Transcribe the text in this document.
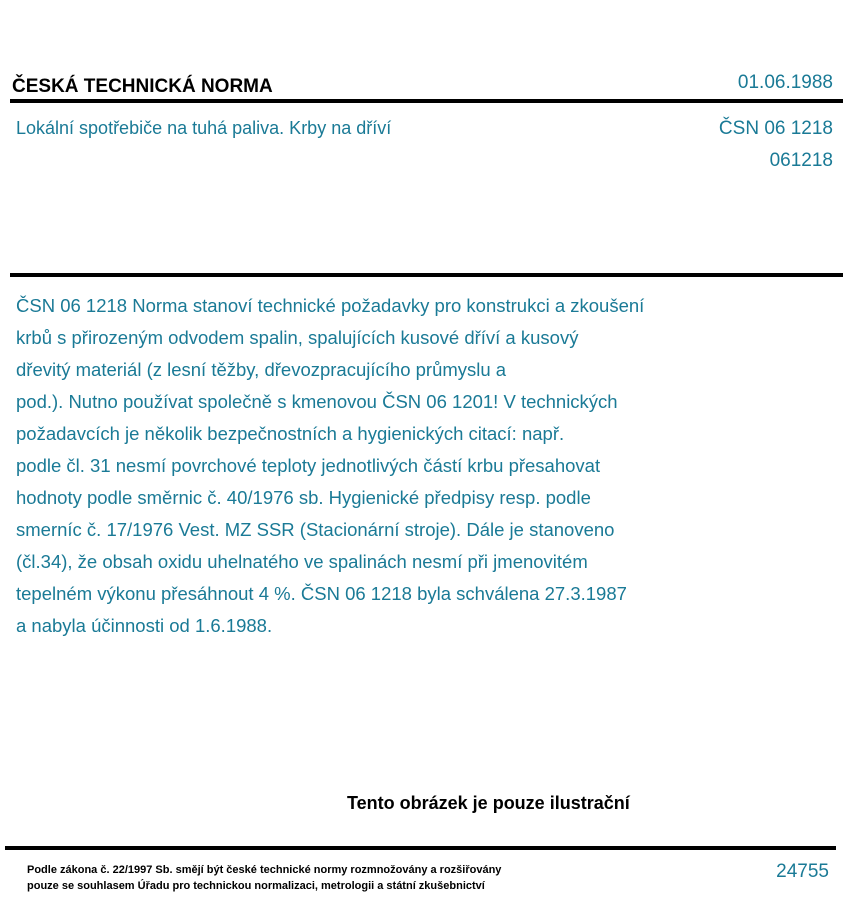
ČESKÁ TECHNICKÁ NORMA	01.06.1988
Lokální spotřebiče na tuhá paliva. Krby na dříví	ČSN 06 1218
061218
ČSN 06 1218 Norma stanoví technické požadavky pro konstrukci a zkoušení
krbů s přirozeným odvodem spalin, spalujících kusové dříví a kusový
dřevitý materiál (z lesní těžby, dřevozpracujícího průmyslu a
pod.). Nutno používat společně s kmenovou ČSN 06 1201! V technických
požadavcích je několik bezpečnostních a hygienických citací: např.
podle čl. 31 nesmí povrchové teploty jednotlivých částí krbu přesahovat
hodnoty podle směrnic č. 40/1976 sb. Hygienické předpisy resp. podle
smerníc č. 17/1976 Vest. MZ SSR (Stacionární stroje). Dále je stanoveno
(čl.34), že obsah oxidu uhelnatého ve spalinách nesmí při jmenovitém
tepelném výkonu přesáhnout 4 %. ČSN 06 1218 byla schválena 27.3.1987
a nabyla účinnosti od 1.6.1988.
Tento obrázek je pouze ilustrační
Podle zákona č. 22/1997 Sb. smějí být české technické normy rozmnožovány a rozšiřovány
pouze se souhlasem Úřadu pro technickou normalizaci, metrologii a státní zkušebnictví
24755
